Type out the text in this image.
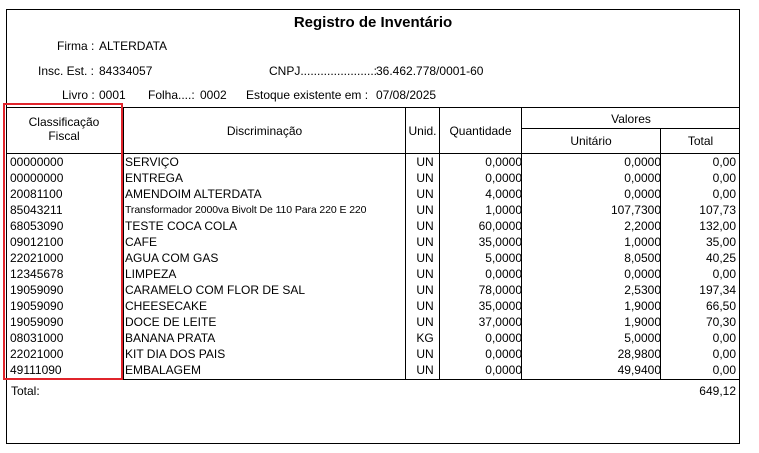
Registro de Inventário
Firma : ALTERDATA
Insc. Est. : 84334057	CNPJ......................:
36.462.778/0001-60
Livro : 0001 Folha....: 0002 Estoque existente em : 07/08/2025
Classificação
Fiscal	Discriminação	Unid.	Quantidade
Valores
Unitário	Total
00000000	SERVIÇO	UN	0,0000	0,0000	0,00
00000000	ENTREGA	UN	0,0000	0,0000	0,00
20081100	AMENDOIM ALTERDATA	UN	4,0000	0,0000	0,00
85043211	Transformador 2000va Bivolt De 110 Para 220 E 220	UN	1,0000	107,7300	107,73
68053090	TESTE COCA COLA	UN	60,0000	2,2000	132,00
09012100	CAFE	UN	35,0000	1,0000	35,00
22021000	AGUA COM GAS	UN	5,0000	8,0500	40,25
12345678	LIMPEZA	UN	0,0000	0,0000	0,00
19059090	CARAMELO COM FLOR DE SAL	UN	78,0000	2,5300	197,34
19059090	CHEESECAKE	UN	35,0000	1,9000	66,50
19059090	DOCE DE LEITE	UN	37,0000	1,9000	70,30
08031000	BANANA PRATA	KG	0,0000	5,0000	0,00
22021000	KIT DIA DOS PAIS	UN	0,0000	28,9800	0,00
49111090	EMBALAGEM	UN	0,0000	49,9400	0,00
Total:	649,12
